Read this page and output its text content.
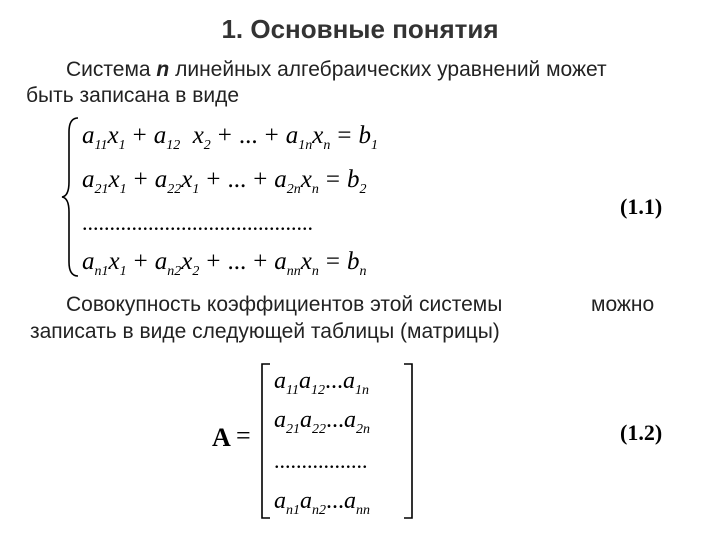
1. Основные понятия
Система n линейных алгебраических уравнений может
быть записана в виде
$a_{11}x_1 + a_{12}$ $x_2$ + ... + $a_{1n}x_n = b_1$
$a_{21}x_1 + a_{22}x_1$ + ... + $a_{2n}x_n = b_2$
..........................................
$a_{n1}x_1 + a_{n2}x_2$ + ... + $a_{nn}x_n = b_n$
(1.1)
Совокупность коэффициентов этой системы	можно
записать в виде следующей таблицы (матрицы)
A =
$a_{11}a_{12}...a_{1n}$
$a_{21}a_{22}...a_{2n}$
.................
$a_{n1}a_{n2}...a_{nn}$
(1.2)
